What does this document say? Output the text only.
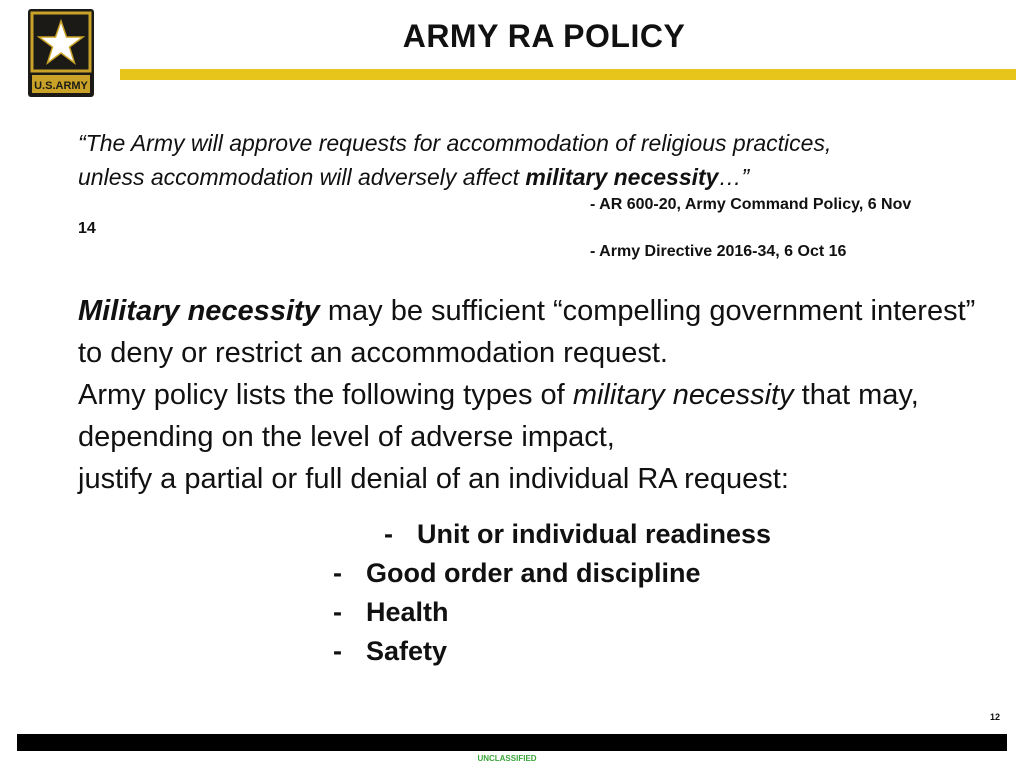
U.S.ARMY
ARMY RA POLICY
“The Army will approve requests for accommodation of religious practices,
unless accommodation will adversely affect military necessity…”
- AR 600-20, Army Command Policy, 6 Nov
14
- Army Directive 2016-34, 6 Oct 16

Military necessity may be sufficient “compelling government interest” to deny or restrict an accommodation request.

Army policy lists the following types of military necessity that may, depending on the level of adverse impact,

justify a partial or full denial of an individual RA request:

- Unit or individual readiness
- Good order and discipline
- Health
- Safety
12
UNCLASSIFIED
